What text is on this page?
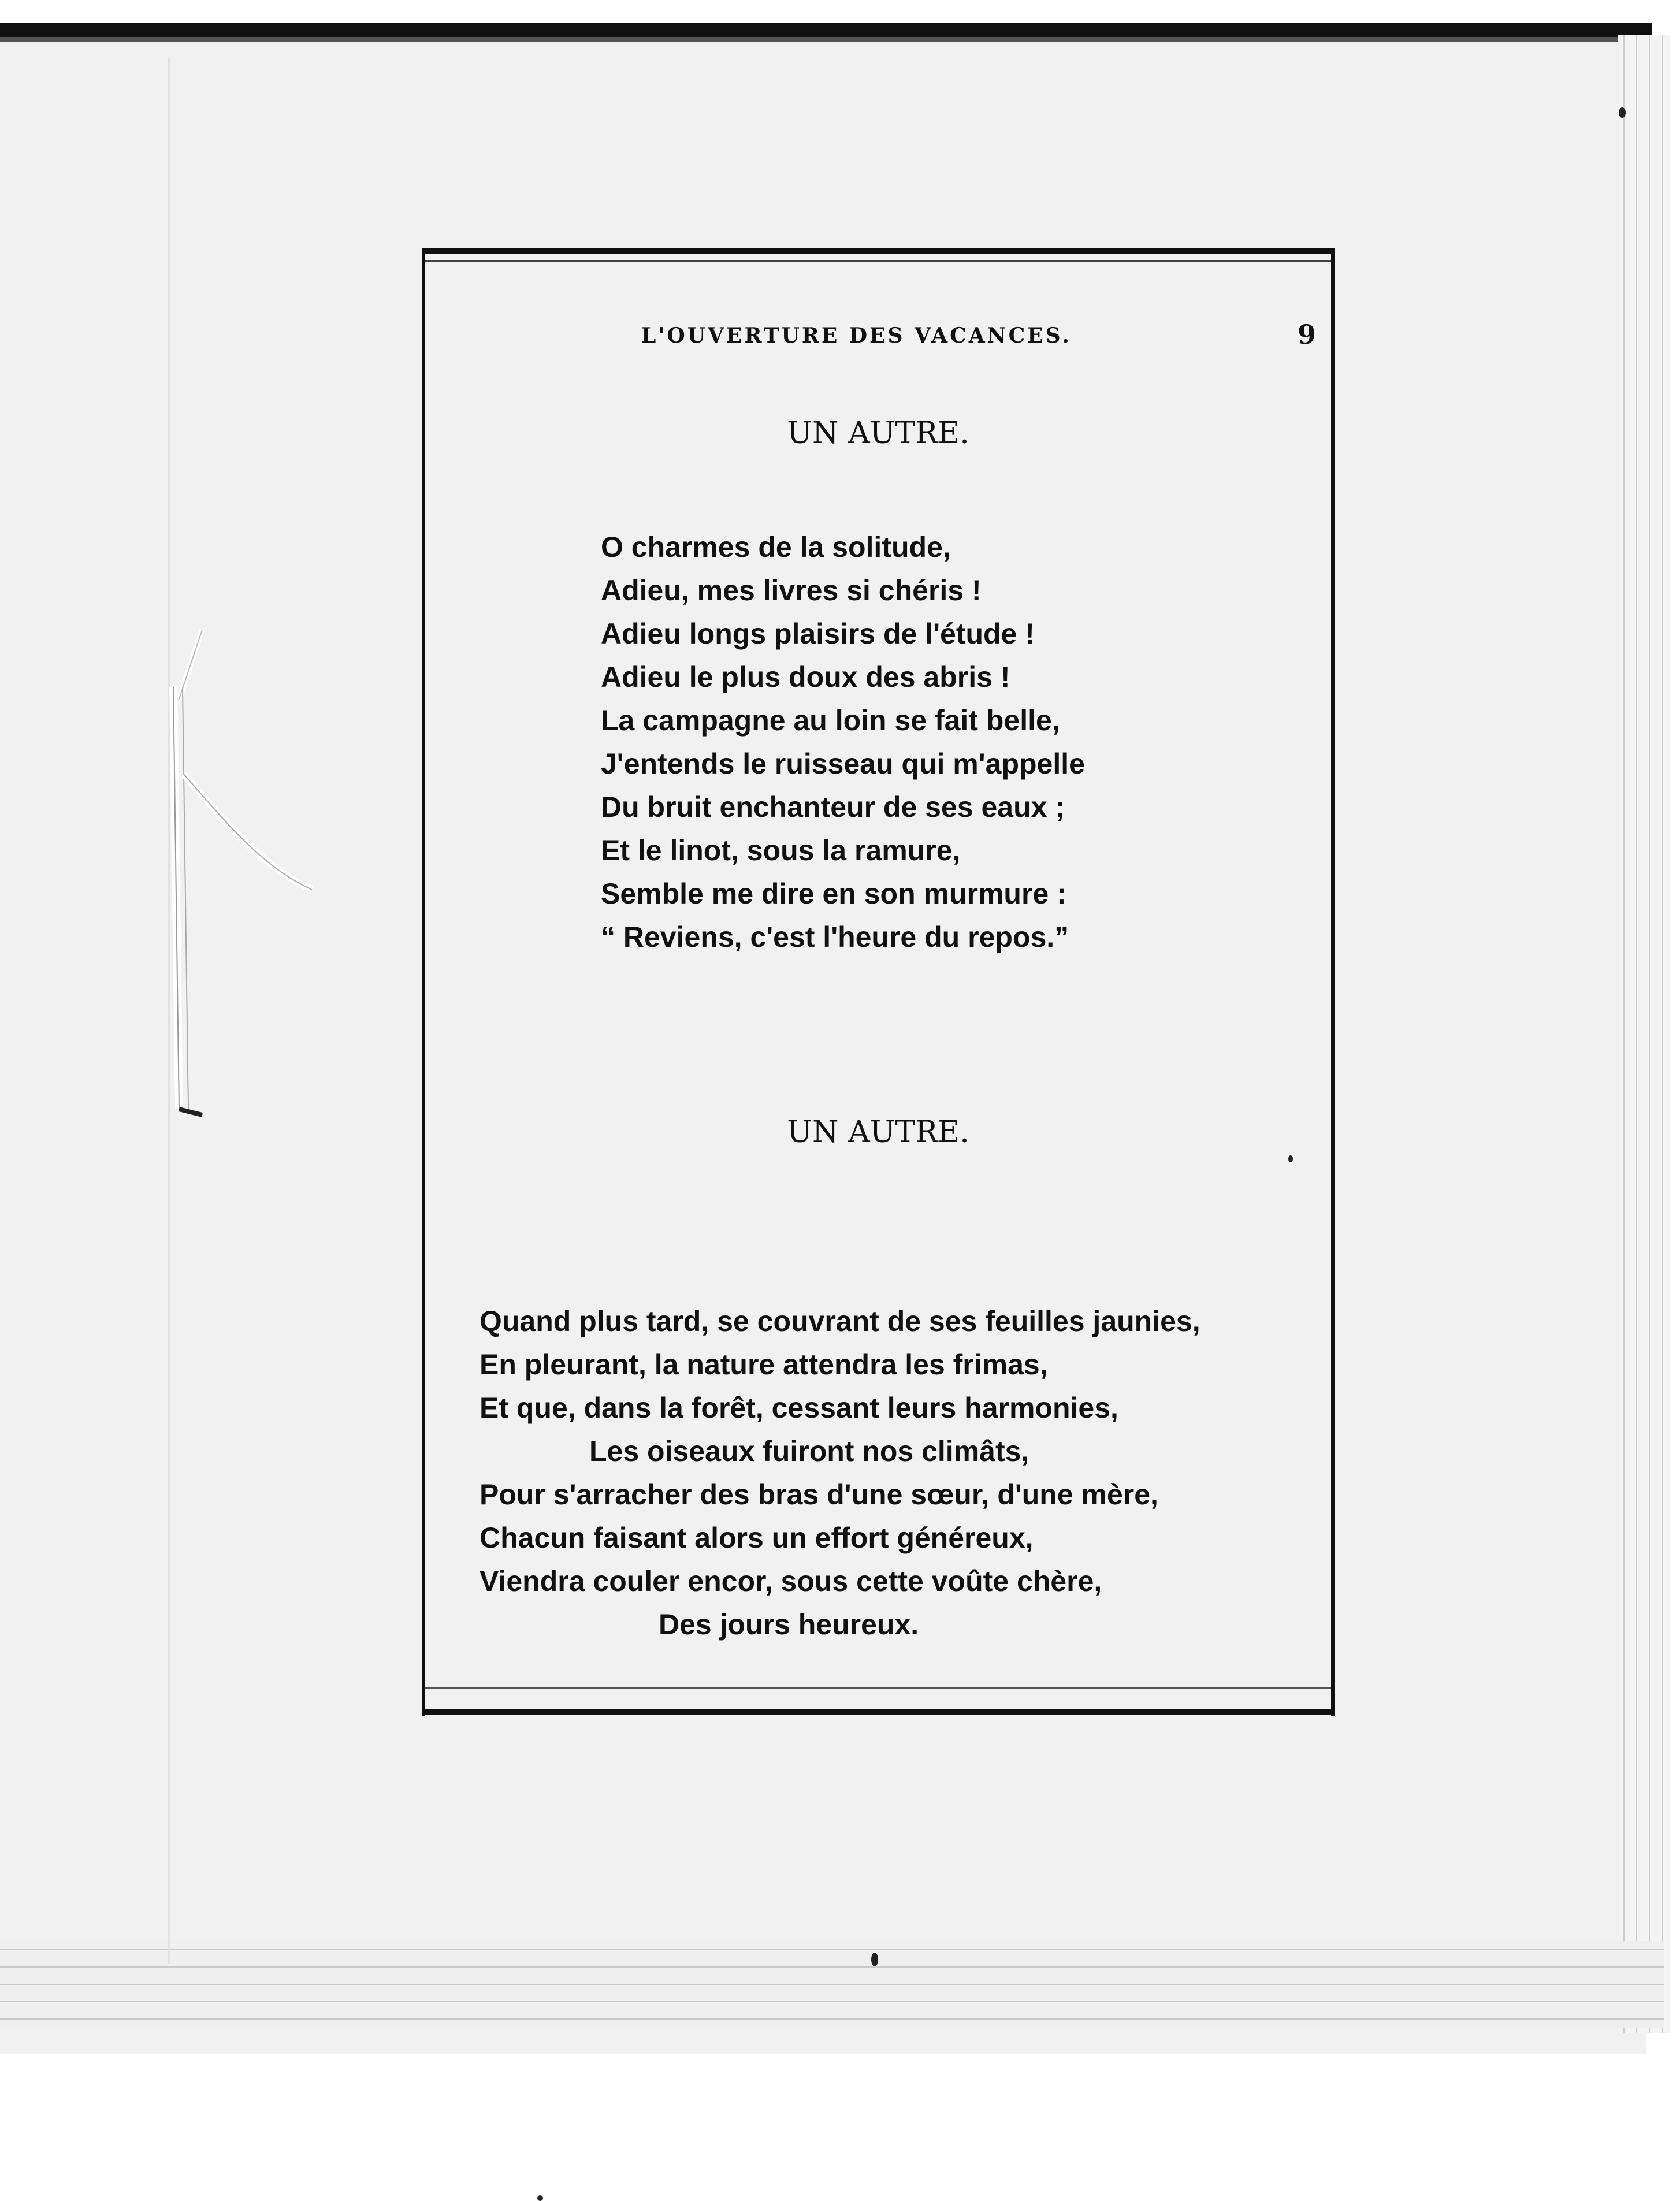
L'OUVERTURE DES VACANCES.	9
UN AUTRE.
O charmes de la solitude,
Adieu, mes livres si chéris !
Adieu longs plaisirs de l'étude !
Adieu le plus doux des abris !
La campagne au loin se fait belle,
J'entends le ruisseau qui m'appelle
Du bruit enchanteur de ses eaux ;
Et le linot, sous la ramure,
Semble me dire en son murmure :
“ Reviens, c'est l'heure du repos.”
UN AUTRE.
Quand plus tard, se couvrant de ses feuilles jaunies,
En pleurant, la nature attendra les frimas,
Et que, dans la forêt, cessant leurs harmonies,
Les oiseaux fuiront nos climâts,
Pour s'arracher des bras d'une sœur, d'une mère,
Chacun faisant alors un effort généreux,
Viendra couler encor, sous cette voûte chère,
Des jours heureux.
